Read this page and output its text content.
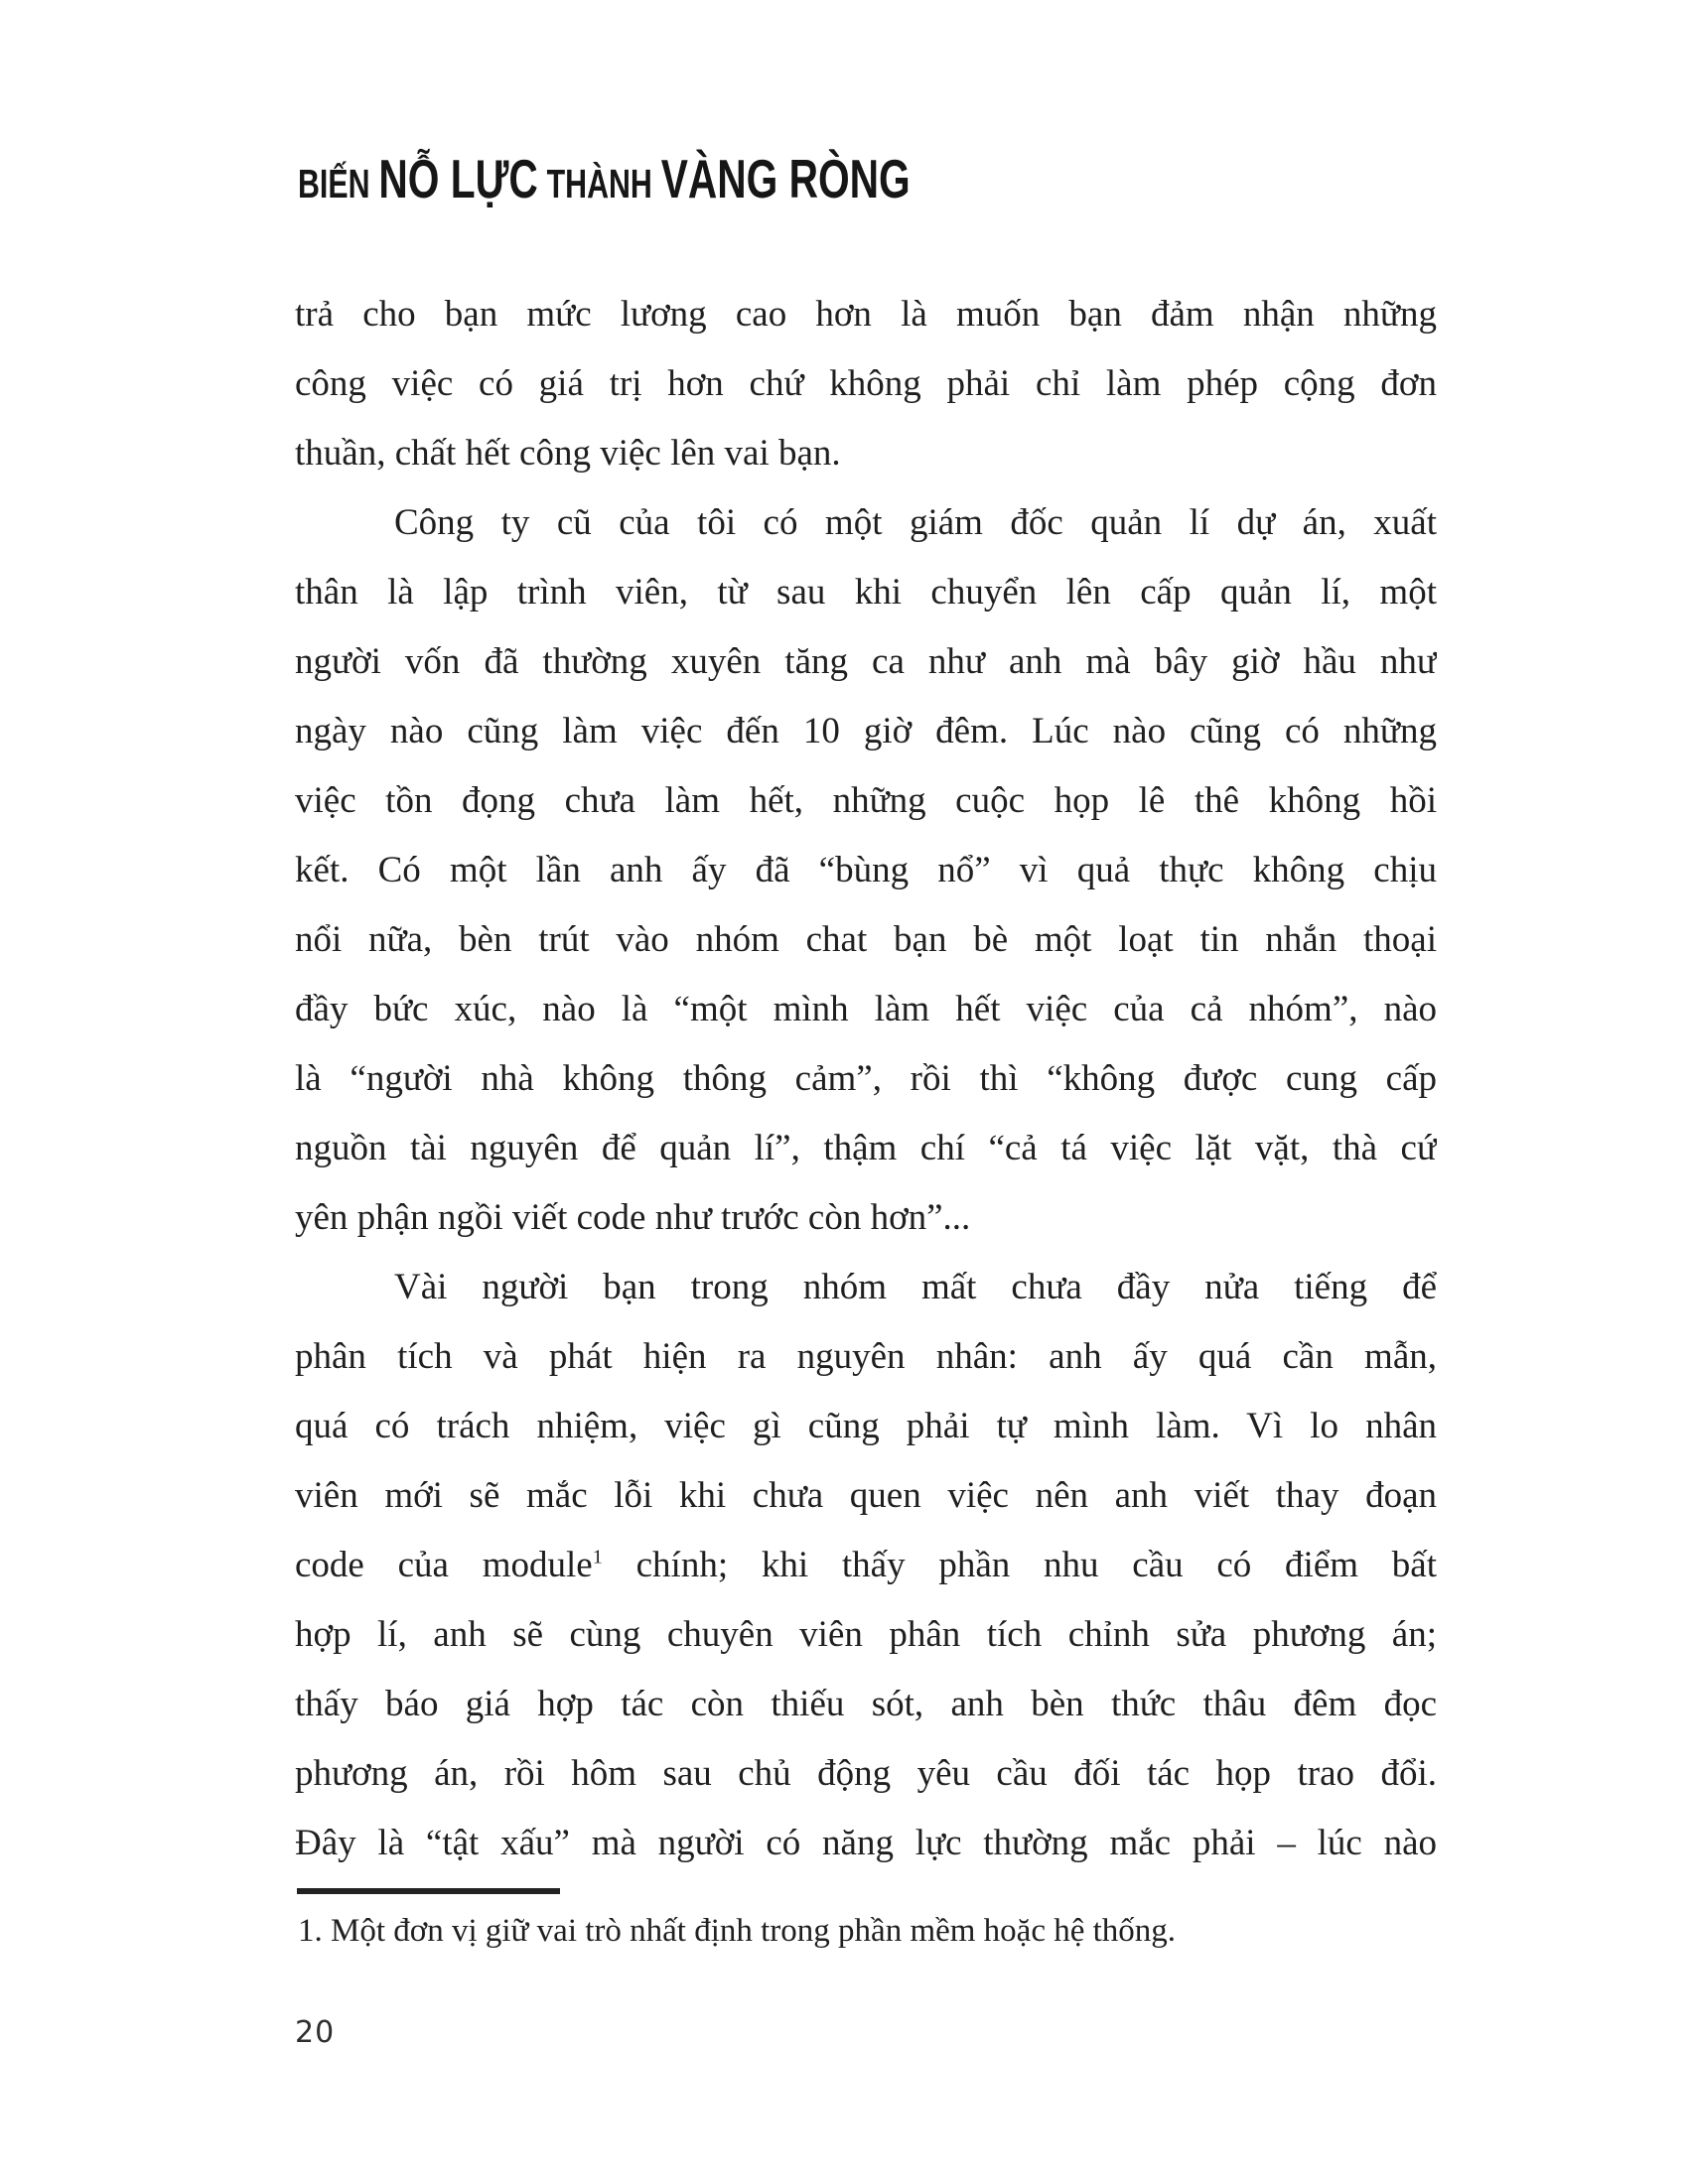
BIẾN NỖ LỰC THÀNH VÀNG RÒNG
trả cho bạn mức lương cao hơn là muốn bạn đảm nhận những
công việc có giá trị hơn chứ không phải chỉ làm phép cộng đơn
thuần, chất hết công việc lên vai bạn.
Công ty cũ của tôi có một giám đốc quản lí dự án, xuất
thân là lập trình viên, từ sau khi chuyển lên cấp quản lí, một
người vốn đã thường xuyên tăng ca như anh mà bây giờ hầu như
ngày nào cũng làm việc đến 10 giờ đêm. Lúc nào cũng có những
việc tồn đọng chưa làm hết, những cuộc họp lê thê không hồi
kết. Có một lần anh ấy đã “bùng nổ” vì quả thực không chịu
nổi nữa, bèn trút vào nhóm chat bạn bè một loạt tin nhắn thoại
đầy bức xúc, nào là “một mình làm hết việc của cả nhóm”, nào
là “người nhà không thông cảm”, rồi thì “không được cung cấp
nguồn tài nguyên để quản lí”, thậm chí “cả tá việc lặt vặt, thà cứ
yên phận ngồi viết code như trước còn hơn”...
Vài người bạn trong nhóm mất chưa đầy nửa tiếng để
phân tích và phát hiện ra nguyên nhân: anh ấy quá cần mẫn,
quá có trách nhiệm, việc gì cũng phải tự mình làm. Vì lo nhân
viên mới sẽ mắc lỗi khi chưa quen việc nên anh viết thay đoạn
code của module$^1$ chính; khi thấy phần nhu cầu có điểm bất
hợp lí, anh sẽ cùng chuyên viên phân tích chỉnh sửa phương án;
thấy báo giá hợp tác còn thiếu sót, anh bèn thức thâu đêm đọc
phương án, rồi hôm sau chủ động yêu cầu đối tác họp trao đổi.
Đây là “tật xấu” mà người có năng lực thường mắc phải – lúc nào
1. Một đơn vị giữ vai trò nhất định trong phần mềm hoặc hệ thống.
20
